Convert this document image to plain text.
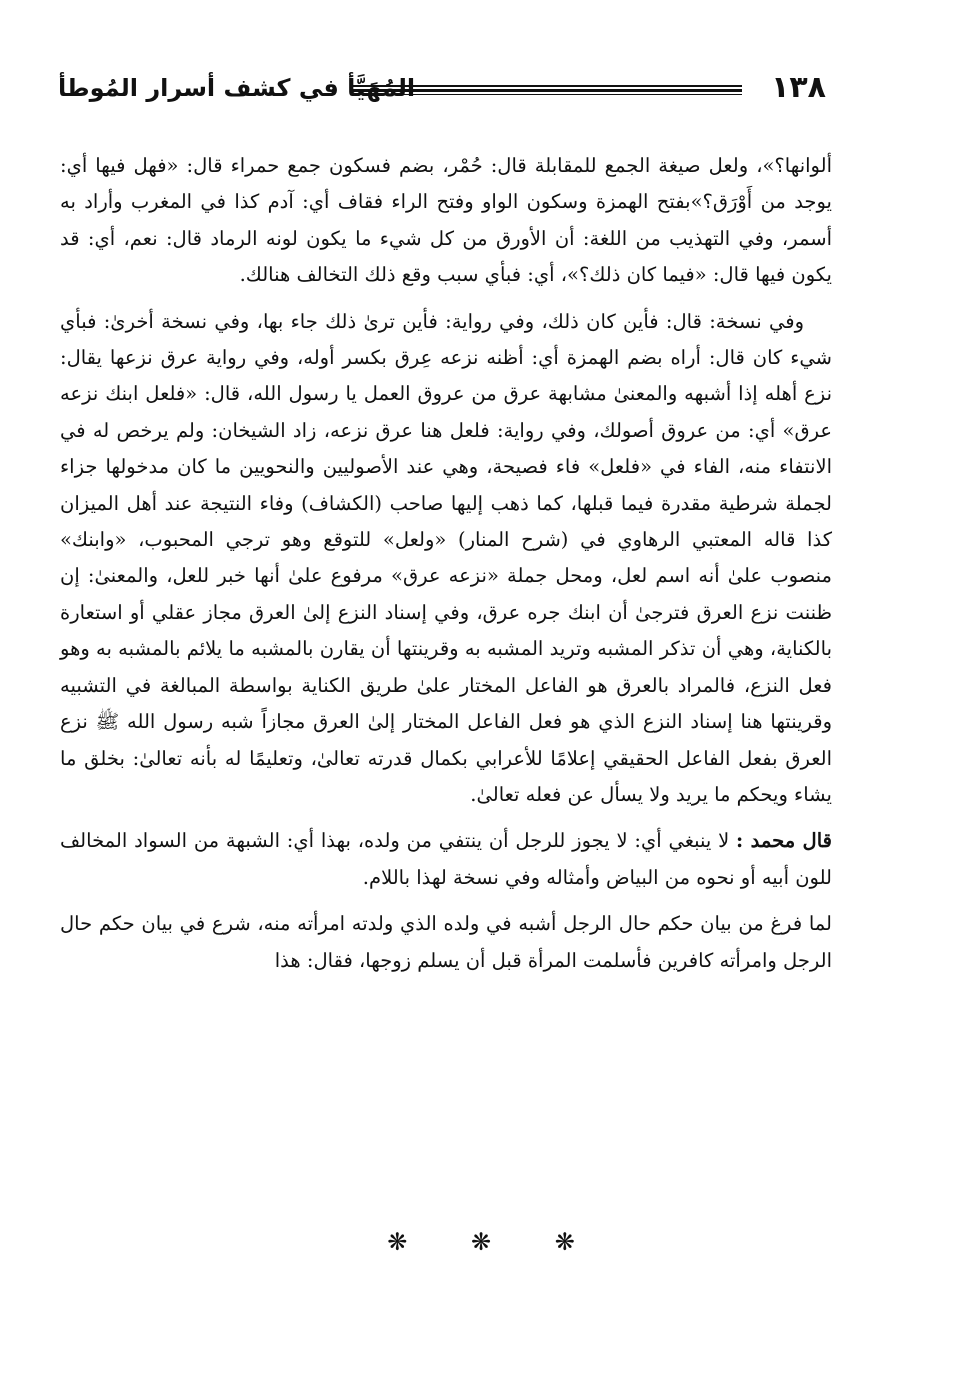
١٣٨
المُهَيَّأ في كشف أسرار المُوطأ

ألوانها؟»، ولعل صيغة الجمع للمقابلة قال: حُمْر، بضم فسكون جمع حمراء قال: «فهل فيها أي: يوجد من أَوْرَق؟»بفتح الهمزة وسكون الواو وفتح الراء فقاف أي: آدم كذا في المغرب وأراد به أسمر، وفي التهذيب من اللغة: أن الأورق من كل شيء ما يكون لونه الرماد قال: نعم، أي: قد يكون فيها قال: «فيما كان ذلك؟»، أي: فبأي سبب وقع ذلك التخالف هنالك.

وفي نسخة: قال: فأين كان ذلك، وفي رواية: فأين ترىٰ ذلك جاء بها، وفي نسخة أخرىٰ: فبأي شيء كان قال: أراه بضم الهمزة أي: أظنه نزعه عِرق بكسر أوله، وفي رواية عرق نزعها يقال: نزع أهله إذا أشبهه والمعنىٰ مشابهة عرق من عروق العمل يا رسول الله، قال: «فلعل ابنك نزعه عرق» أي: من عروق أصولك، وفي رواية: فلعل هنا عرق نزعه، زاد الشيخان: ولم يرخص له في الانتفاء منه، الفاء في «فلعل» فاء فصيحة، وهي عند الأصوليين والنحويين ما كان مدخولها جزاء لجملة شرطية مقدرة فيما قبلها، كما ذهب إليها صاحب (الكشاف) وفاء النتيجة عند أهل الميزان كذا قاله المعتبي الرهاوي في (شرح المنار) «ولعل» للتوقع وهو ترجي المحبوب، «وابنك» منصوب علىٰ أنه اسم لعل، ومحل جملة «نزعه عرق» مرفوع علىٰ أنها خبر للعل، والمعنىٰ: إن ظننت نزع العرق فترجىٰ أن ابنك جره عرق، وفي إسناد النزع إلىٰ العرق مجاز عقلي أو استعارة بالكناية، وهي أن تذكر المشبه وتريد المشبه به وقرينتها أن يقارن بالمشبه ما يلائم بالمشبه به وهو فعل النزع، فالمراد بالعرق هو الفاعل المختار علىٰ طريق الكناية بواسطة المبالغة في التشبيه وقرينتها هنا إسناد النزع الذي هو فعل الفاعل المختار إلىٰ العرق مجازاً شبه رسول الله ﷺ نزع العرق بفعل الفاعل الحقيقي إعلامًا للأعرابي بكمال قدرته تعالىٰ، وتعليمًا له بأنه تعالىٰ: بخلق ما يشاء ويحكم ما يريد ولا يسأل عن فعله تعالىٰ.

قال محمد : لا ينبغي أي: لا يجوز للرجل أن ينتفي من ولده، بهذا أي: الشبهة من السواد المخالف للون أبيه أو نحوه من البياض وأمثاله وفي نسخة لهذا باللام.

لما فرغ من بيان حكم حال الرجل أشبه في ولده الذي ولدته امرأته منه، شرع في بيان حكم حال الرجل وامرأته كافرين فأسلمت المرأة قبل أن يسلم زوجها، فقال: هذا

❋ ❋ ❋
